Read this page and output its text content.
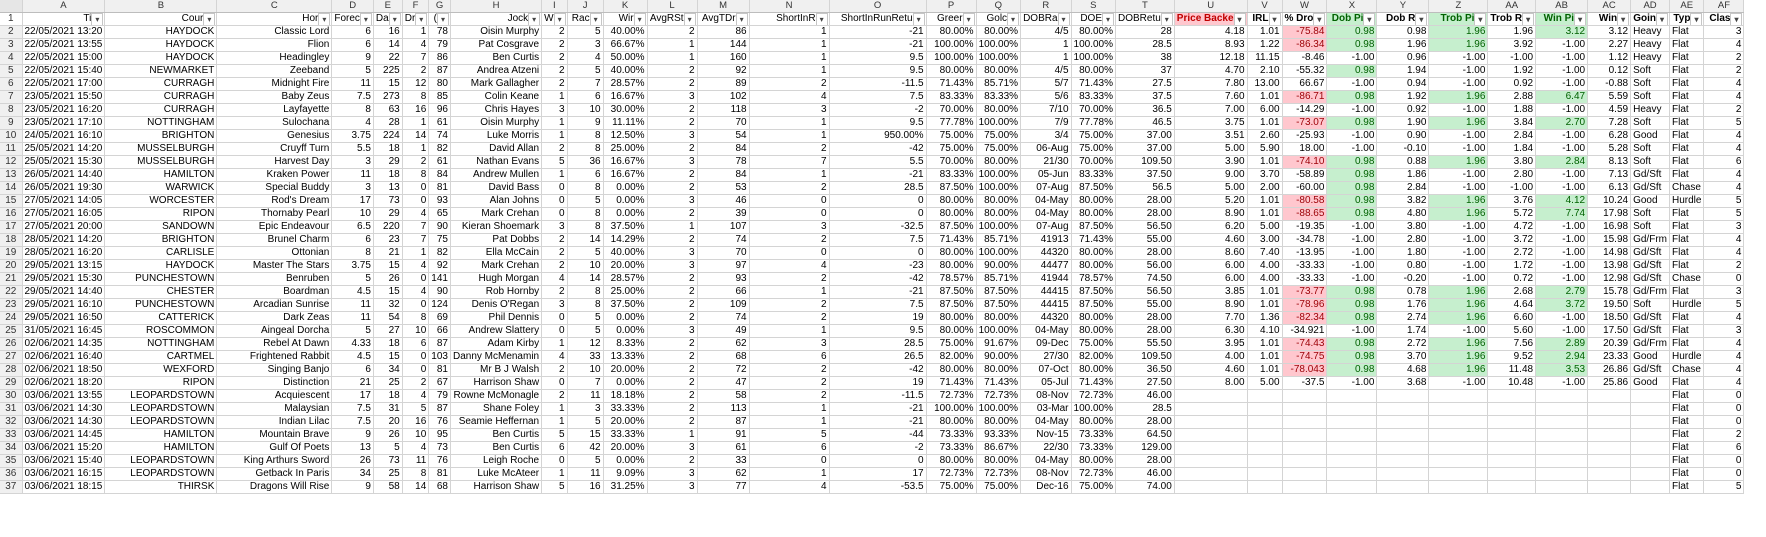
	A	B	C	D	E	F	G	H	I	J	K	L	M	N	O	P	Q	R	S	T	U	V	W	X	Y	Z	AA	AB	AC	AD	AE	AF
1	Ti ▾	Cour ▾	Hor ▾	Forec ▾	Da ▾	Dr ▾	( ▾	Jock ▾	W ▾	Rac ▾	Wir ▾	AvgRSt ▾	AvgTDr ▾	ShortInR ▾	ShortInRunRetu ▾	Greer ▾	Golc ▾	DOBRa ▾	DOE ▾	DOBRetu ▾	Price Backe ▾	IRL ▾	% Dro ▾	Dob Pi ▾	Dob R ▾	Trob Pi ▾	Trob R ▾	Win Pi ▾	Win ▾	Goin ▾	Typ ▾	Clas ▾
2	22/05/2021 13:20	HAYDOCK	Classic Lord	6	16	1	78	Oisin Murphy	2	5	40.00%	2	86	1	-21	80.00%	80.00%	4/5	80.00%	28	4.18	1.01	-75.84	0.98	0.98	1.96	1.96	3.12	3.12	Heavy	Flat	3
3	22/05/2021 13:55	HAYDOCK	Flion	6	14	4	79	Pat Cosgrave	2	3	66.67%	1	144	1	-21	100.00%	100.00%	1	100.00%	28.5	8.93	1.22	-86.34	0.98	1.96	1.96	3.92	-1.00	2.27	Heavy	Flat	4
4	22/05/2021 15:00	HAYDOCK	Headingley	9	22	7	86	Ben Curtis	2	4	50.00%	1	160	1	9.5	100.00%	100.00%	1	100.00%	38	12.18	11.15	-8.46	-1.00	0.96	-1.00	-1.00	-1.00	1.12	Heavy	Flat	2
5	22/05/2021 15:40	NEWMARKET	Zeeband	5	225	2	87	Andrea Atzeni	2	5	40.00%	2	92	1	9.5	80.00%	80.00%	4/5	80.00%	37	4.70	2.10	-55.32	0.98	1.94	-1.00	1.92	-1.00	0.12	Soft	Flat	2
6	22/05/2021 17:00	CURRAGH	Midnight Fire	11	15	12	80	Mark Gallagher	2	7	28.57%	2	89	2	-11.5	71.43%	85.71%	5/7	71.43%	27.5	7.80	13.00	66.67	-1.00	0.94	-1.00	0.92	-1.00	-0.88	Soft	Flat	4
7	23/05/2021 15:50	CURRAGH	Baby Zeus	7.5	273	8	85	Colin Keane	1	6	16.67%	3	102	4	7.5	83.33%	83.33%	5/6	83.33%	37.5	7.60	1.01	-86.71	0.98	1.92	1.96	2.88	6.47	5.59	Soft	Flat	4
8	23/05/2021 16:20	CURRAGH	Layfayette	8	63	16	96	Chris Hayes	3	10	30.00%	2	118	3	-2	70.00%	80.00%	7/10	70.00%	36.5	7.00	6.00	-14.29	-1.00	0.92	-1.00	1.88	-1.00	4.59	Heavy	Flat	2
9	23/05/2021 17:10	NOTTINGHAM	Sulochana	4	28	1	61	Oisin Murphy	1	9	11.11%	2	70	1	9.5	77.78%	100.00%	7/9	77.78%	46.5	3.75	1.01	-73.07	0.98	1.90	1.96	3.84	2.70	7.28	Soft	Flat	5
10	24/05/2021 16:10	BRIGHTON	Genesius	3.75	224	14	74	Luke Morris	1	8	12.50%	3	54	1	950.00%	75.00%	75.00%	3/4	75.00%	37.00	3.51	2.60	-25.93	-1.00	0.90	-1.00	2.84	-1.00	6.28	Good	Flat	4
11	25/05/2021 14:20	MUSSELBURGH	Cruyff Turn	5.5	18	1	82	David Allan	2	8	25.00%	2	84	2	-42	75.00%	75.00%	06-Aug	75.00%	37.00	5.00	5.90	18.00	-1.00	-0.10	-1.00	1.84	-1.00	5.28	Soft	Flat	4
12	25/05/2021 15:30	MUSSELBURGH	Harvest Day	3	29	2	61	Nathan Evans	5	36	16.67%	3	78	7	5.5	70.00%	80.00%	21/30	70.00%	109.50	3.90	1.01	-74.10	0.98	0.88	1.96	3.80	2.84	8.13	Soft	Flat	6
13	26/05/2021 14:40	HAMILTON	Kraken Power	11	18	8	84	Andrew Mullen	1	6	16.67%	2	84	1	-21	83.33%	100.00%	05-Jun	83.33%	37.50	9.00	3.70	-58.89	0.98	1.86	-1.00	2.80	-1.00	7.13	Gd/Sft	Flat	4
14	26/05/2021 19:30	WARWICK	Special Buddy	3	13	0	81	David Bass	0	8	0.00%	2	53	2	28.5	87.50%	100.00%	07-Aug	87.50%	56.5	5.00	2.00	-60.00	0.98	2.84	-1.00	-1.00	-1.00	6.13	Gd/Sft	Chase	4
15	27/05/2021 14:05	WORCESTER	Rod's Dream	17	73	0	93	Alan Johns	0	5	0.00%	3	46	0	0	80.00%	80.00%	04-May	80.00%	28.00	5.20	1.01	-80.58	0.98	3.82	1.96	3.76	4.12	10.24	Good	Hurdle	5
16	27/05/2021 16:05	RIPON	Thornaby Pearl	10	29	4	65	Mark Crehan	0	8	0.00%	2	39	0	0	80.00%	80.00%	04-May	80.00%	28.00	8.90	1.01	-88.65	0.98	4.80	1.96	5.72	7.74	17.98	Soft	Flat	5
17	27/05/2021 20:00	SANDOWN	Epic Endeavour	6.5	220	7	90	Kieran Shoemark	3	8	37.50%	1	107	3	-32.5	87.50%	100.00%	07-Aug	87.50%	56.50	6.20	5.00	-19.35	-1.00	3.80	-1.00	4.72	-1.00	16.98	Soft	Flat	3
18	28/05/2021 14:20	BRIGHTON	Brunel Charm	6	23	7	75	Pat Dobbs	2	14	14.29%	2	74	2	7.5	71.43%	85.71%	41913	71.43%	55.00	4.60	3.00	-34.78	-1.00	2.80	-1.00	3.72	-1.00	15.98	Gd/Frm	Flat	4
19	28/05/2021 16:20	CARLISLE	Ottonian	8	21	1	82	Ella McCain	2	5	40.00%	3	70	0	0	80.00%	100.00%	44320	80.00%	28.00	8.60	7.40	-13.95	-1.00	1.80	-1.00	2.72	-1.00	14.98	Gd/Sft	Flat	4
20	29/05/2021 13:15	HAYDOCK	Master The Stars	3.75	15	4	92	Mark Crehan	2	10	20.00%	3	97	4	-23	80.00%	90.00%	44477	80.00%	56.00	6.00	4.00	-33.33	-1.00	0.80	-1.00	1.72	-1.00	13.98	Gd/Sft	Flat	2
21	29/05/2021 15:30	PUNCHESTOWN	Benruben	5	26	0	141	Hugh Morgan	4	14	28.57%	2	93	2	-42	78.57%	85.71%	41944	78.57%	74.50	6.00	4.00	-33.33	-1.00	-0.20	-1.00	0.72	-1.00	12.98	Gd/Sft	Chase	0
22	29/05/2021 14:40	CHESTER	Boardman	4.5	15	4	90	Rob Hornby	2	8	25.00%	2	66	1	-21	87.50%	87.50%	44415	87.50%	56.50	3.85	1.01	-73.77	0.98	0.78	1.96	2.68	2.79	15.78	Gd/Frm	Flat	3
23	29/05/2021 16:10	PUNCHESTOWN	Arcadian Sunrise	11	32	0	124	Denis O'Regan	3	8	37.50%	2	109	2	7.5	87.50%	87.50%	44415	87.50%	55.00	8.90	1.01	-78.96	0.98	1.76	1.96	4.64	3.72	19.50	Soft	Hurdle	5
24	29/05/2021 16:50	CATTERICK	Dark Zeas	11	54	8	69	Phil Dennis	0	5	0.00%	2	74	2	19	80.00%	80.00%	44320	80.00%	28.00	7.70	1.36	-82.34	0.98	2.74	1.96	6.60	-1.00	18.50	Gd/Sft	Flat	4
25	31/05/2021 16:45	ROSCOMMON	Aingeal Dorcha	5	27	10	66	Andrew Slattery	0	5	0.00%	3	49	1	9.5	80.00%	100.00%	04-May	80.00%	28.00	6.30	4.10	-34.921	-1.00	1.74	-1.00	5.60	-1.00	17.50	Gd/Sft	Flat	3
26	02/06/2021 14:35	NOTTINGHAM	Rebel At Dawn	4.33	18	6	87	Adam Kirby	1	12	8.33%	2	62	3	28.5	75.00%	91.67%	09-Dec	75.00%	55.50	3.95	1.01	-74.43	0.98	2.72	1.96	7.56	2.89	20.39	Gd/Frm	Flat	4
27	02/06/2021 16:40	CARTMEL	Frightened Rabbit	4.5	15	0	103	Danny McMenamin	4	33	13.33%	2	68	6	26.5	82.00%	90.00%	27/30	82.00%	109.50	4.00	1.01	-74.75	0.98	3.70	1.96	9.52	2.94	23.33	Good	Hurdle	4
28	02/06/2021 18:50	WEXFORD	Singing Banjo	6	34	0	81	Mr B J Walsh	2	10	20.00%	2	72	2	-42	80.00%	80.00%	07-Oct	80.00%	36.50	4.60	1.01	-78.043	0.98	4.68	1.96	11.48	3.53	26.86	Gd/Sft	Chase	4
29	02/06/2021 18:20	RIPON	Distinction	21	25	2	67	Harrison Shaw	0	7	0.00%	2	47	2	19	71.43%	71.43%	05-Jul	71.43%	27.50	8.00	5.00	-37.5	-1.00	3.68	-1.00	10.48	-1.00	25.86	Good	Flat	4
30	03/06/2021 13:55	LEOPARDSTOWN	Acquiescent	17	18	4	79	Rowne McMonagle	2	11	18.18%	2	58	2	-11.5	72.73%	72.73%	08-Nov	72.73%	46.00											Flat	0
31	03/06/2021 14:30	LEOPARDSTOWN	Malaysian	7.5	31	5	87	Shane Foley	1	3	33.33%	2	113	1	-21	100.00%	100.00%	03-Mar	100.00%	28.5											Flat	0
32	03/06/2021 14:30	LEOPARDSTOWN	Indian Lilac	7.5	20	16	76	Seamie Heffernan	1	5	20.00%	2	87	1	-21	80.00%	80.00%	04-May	80.00%	28.00											Flat	0
33	03/06/2021 14:45	HAMILTON	Mountain Brave	9	26	10	95	Ben Curtis	5	15	33.33%	1	91	5	-44	73.33%	93.33%	Nov-15	73.33%	64.50											Flat	2
34	03/06/2021 15:20	HAMILTON	Gulf Of Poets	13	5	4	73	Ben Curtis	6	42	20.00%	3	61	6	-2	73.33%	86.67%	22/30	73.33%	129.00											Flat	6
35	03/06/2021 15:40	LEOPARDSTOWN	King Arthurs Sword	26	73	11	76	Leigh Roche	0	5	0.00%	2	33	0	0	80.00%	80.00%	04-May	80.00%	28.00											Flat	0
36	03/06/2021 16:15	LEOPARDSTOWN	Getback In Paris	34	25	8	81	Luke McAteer	1	11	9.09%	3	62	1	17	72.73%	72.73%	08-Nov	72.73%	46.00											Flat	0
37	03/06/2021 18:15	THIRSK	Dragons Will Rise	9	58	14	68	Harrison Shaw	5	16	31.25%	3	77	4	-53.5	75.00%	75.00%	Dec-16	75.00%	74.00											Flat	5
